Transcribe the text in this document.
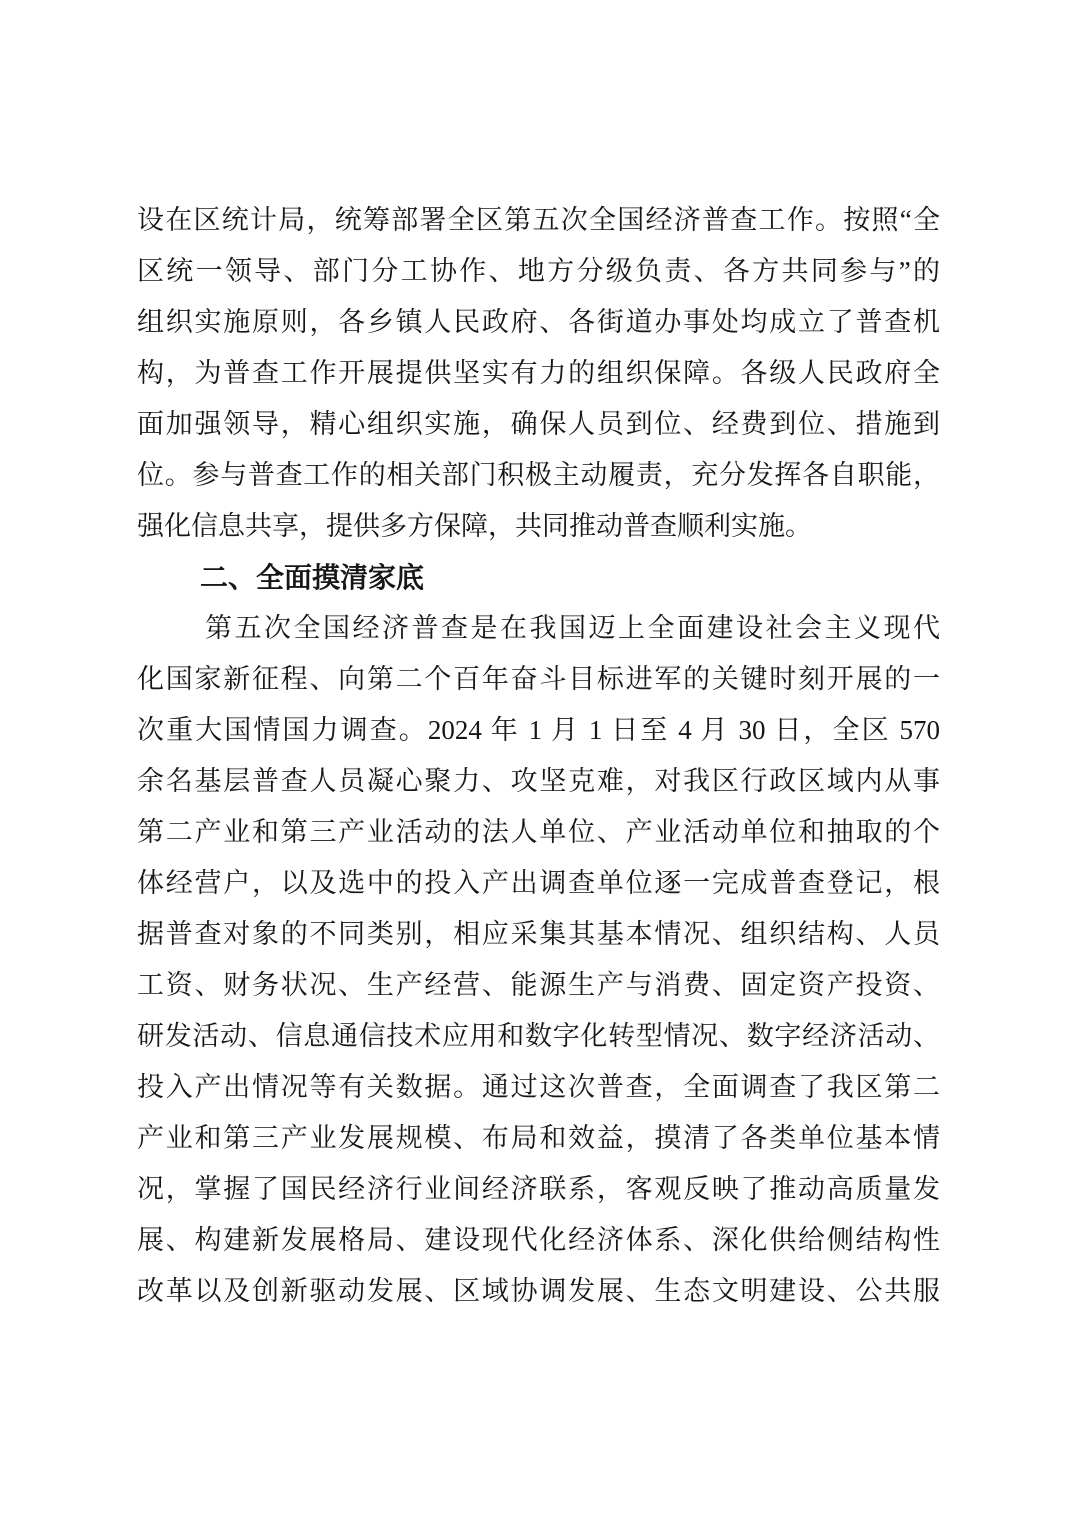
设在区统计局，统筹部署全区第五次全国经济普查工作。按照“全
区统一领导、部门分工协作、地方分级负责、各方共同参与”的
组织实施原则，各乡镇人民政府、各街道办事处均成立了普查机
构，为普查工作开展提供坚实有力的组织保障。各级人民政府全
面加强领导，精心组织实施，确保人员到位、经费到位、措施到
位。参与普查工作的相关部门积极主动履责，充分发挥各自职能，
强化信息共享，提供多方保障，共同推动普查顺利实施。
二、全面摸清家底
第五次全国经济普查是在我国迈上全面建设社会主义现代
化国家新征程、向第二个百年奋斗目标进军的关键时刻开展的一
次重大国情国力调查。2024 年 1 月 1 日至 4 月 30 日，全区 570
余名基层普查人员凝心聚力、攻坚克难，对我区行政区域内从事
第二产业和第三产业活动的法人单位、产业活动单位和抽取的个
体经营户，以及选中的投入产出调查单位逐一完成普查登记，根
据普查对象的不同类别，相应采集其基本情况、组织结构、人员
工资、财务状况、生产经营、能源生产与消费、固定资产投资、
研发活动、信息通信技术应用和数字化转型情况、数字经济活动、
投入产出情况等有关数据。通过这次普查，全面调查了我区第二
产业和第三产业发展规模、布局和效益，摸清了各类单位基本情
况，掌握了国民经济行业间经济联系，客观反映了推动高质量发
展、构建新发展格局、建设现代化经济体系、深化供给侧结构性
改革以及创新驱动发展、区域协调发展、生态文明建设、公共服
